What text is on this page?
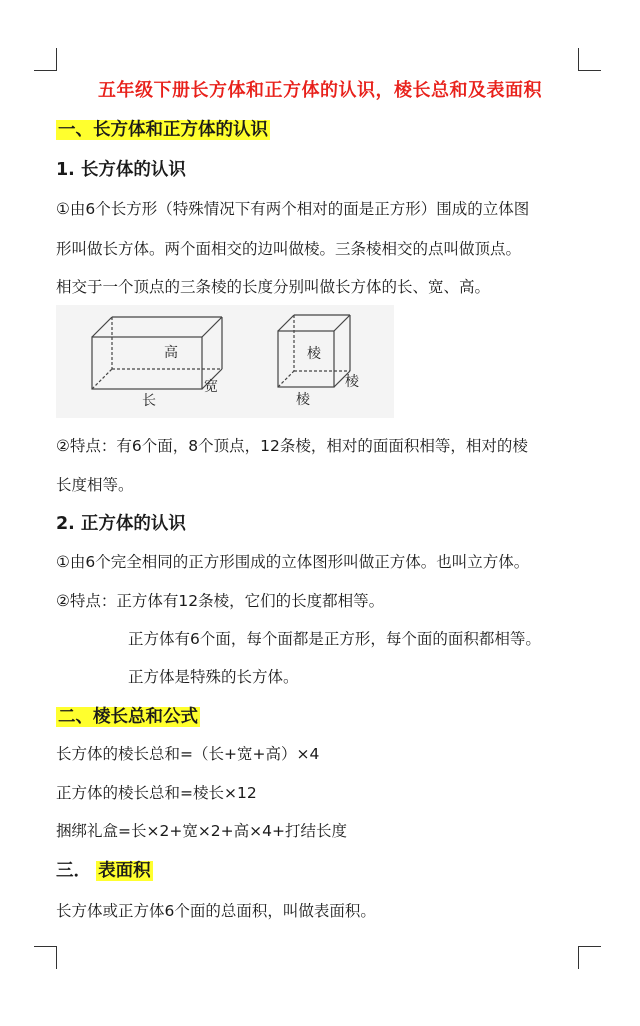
五年级下册长方体和正方体的认识，棱长总和及表面积
一、长方体和正方体的认识
1. 长方体的认识
①由6个长方形（特殊情况下有两个相对的面是正方形）围成的立体图
形叫做长方体。两个面相交的边叫做棱。三条棱相交的点叫做顶点。
相交于一个顶点的三条棱的长度分别叫做长方体的长、宽、高。
高
宽
长
棱
棱
棱
②特点：有6个面，8个顶点，12条棱，相对的面面积相等，相对的棱
长度相等。
2. 正方体的认识
①由6个完全相同的正方形围成的立体图形叫做正方体。也叫立方体。
②特点：正方体有12条棱，它们的长度都相等。
正方体有6个面，每个面都是正方形，每个面的面积都相等。
正方体是特殊的长方体。
二、棱长总和公式
长方体的棱长总和=（长+宽+高）×4
正方体的棱长总和=棱长×12
捆绑礼盒=长×2+宽×2+高×4+打结长度
三． 表面积
长方体或正方体6个面的总面积，叫做表面积。
